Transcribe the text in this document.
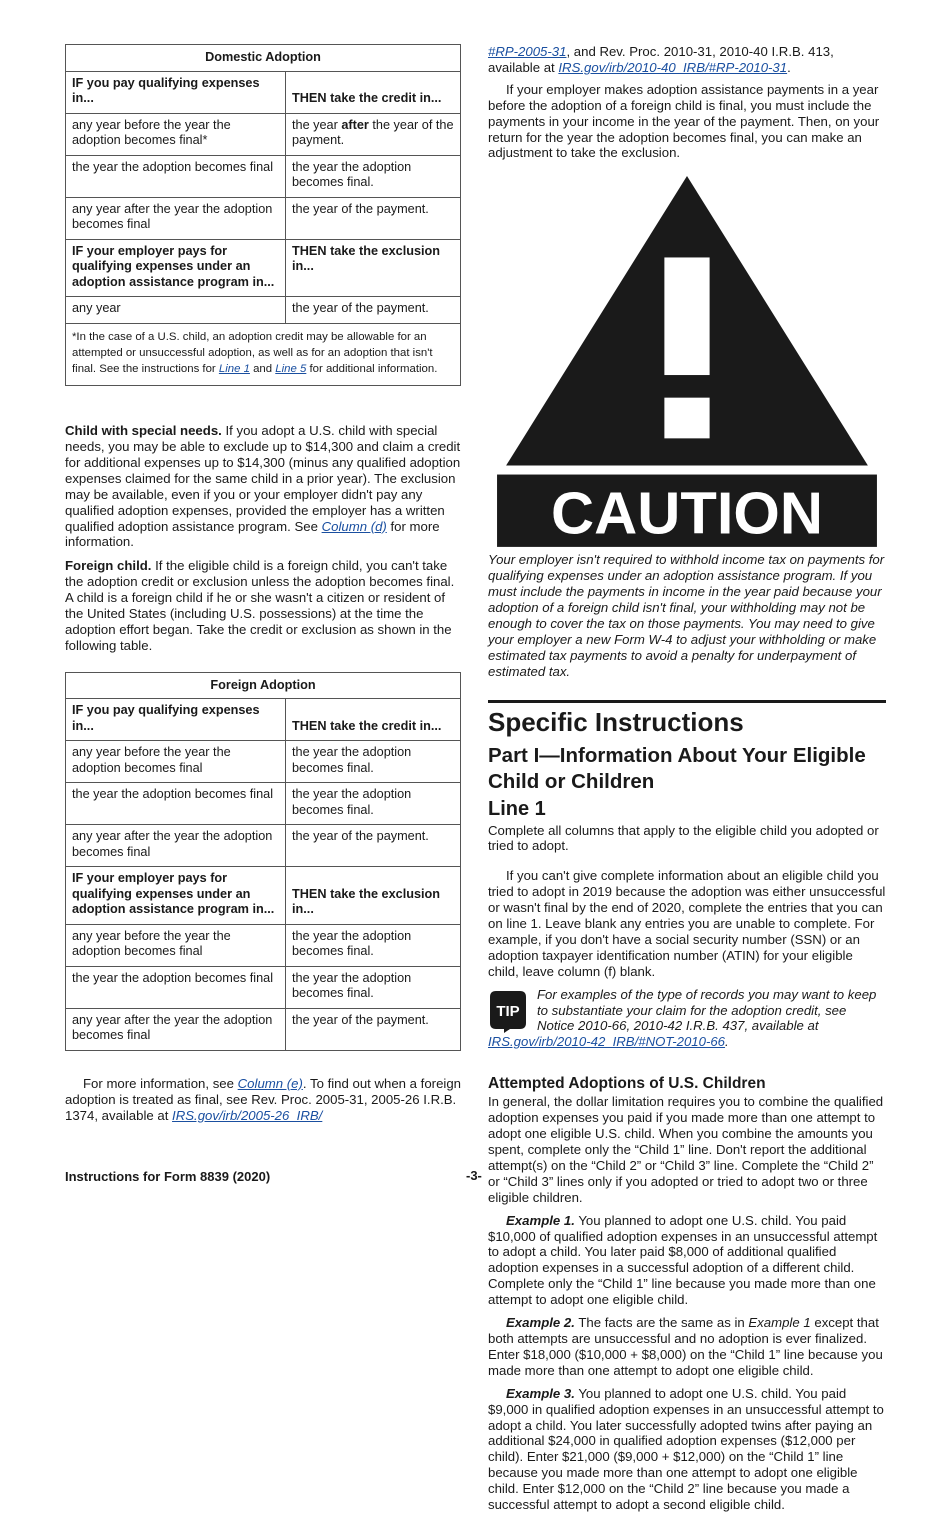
Domestic Adoption	
IF you pay qualifying expenses in...	THEN take the credit in...
any year before the year the adoption becomes final*	the year after the year of the payment.
the year the adoption becomes final	the year the adoption becomes final.
any year after the year the adoption becomes final	the year of the payment.
IF your employer pays for qualifying expenses under an adoption assistance program in...	THEN take the exclusion in...
any year	the year of the payment.
*In the case of a U.S. child, an adoption credit may be allowable for an attempted or unsuccessful adoption, as well as for an adoption that isn't final. See the instructions for Line 1 and Line 5 for additional information.	

Child with special needs. If you adopt a U.S. child with special needs, you may be able to exclude up to $14,300 and claim a credit for additional expenses up to $14,300 (minus any qualified adoption expenses claimed for the same child in a prior year). The exclusion may be available, even if you or your employer didn't pay any qualified adoption expenses, provided the employer has a written qualified adoption assistance program. See Column (d) for more information.

Foreign child. If the eligible child is a foreign child, you can't take the adoption credit or exclusion unless the adoption becomes final. A child is a foreign child if he or she wasn't a citizen or resident of the United States (including U.S. possessions) at the time the adoption effort began. Take the credit or exclusion as shown in the following table.

Foreign Adoption	
IF you pay qualifying expenses in...	THEN take the credit in...
any year before the year the adoption becomes final	the year the adoption becomes final.
the year the adoption becomes final	the year the adoption becomes final.
any year after the year the adoption becomes final	the year of the payment.
IF your employer pays for qualifying expenses under an adoption assistance program in...	THEN take the exclusion in...
any year before the year the adoption becomes final	the year the adoption becomes final.
the year the adoption becomes final	the year the adoption becomes final.
any year after the year the adoption becomes final	the year of the payment.

For more information, see Column (e). To find out when a foreign adoption is treated as final, see Rev. Proc. 2005-31, 2005-26 I.R.B. 1374, available at IRS.gov/irb/2005-26_IRB/

#RP-2005-31, and Rev. Proc. 2010-31, 2010-40 I.R.B. 413, available at IRS.gov/irb/2010-40_IRB/#RP-2010-31.

If your employer makes adoption assistance payments in a year before the adoption of a foreign child is final, you must include the payments in your income in the year of the payment. Then, on your return for the year the adoption becomes final, you can make an adjustment to take the exclusion.

CAUTION

Your employer isn't required to withhold income tax on payments for qualifying expenses under an adoption assistance program. If you must include the payments in income in the year paid because your adoption of a foreign child isn't final, your withholding may not be enough to cover the tax on those payments. You may need to give your employer a new Form W-4 to adjust your withholding or make estimated tax payments to avoid a penalty for underpayment of estimated tax.

Specific Instructions
Part I—Information About Your Eligible Child or Children
Line 1

Complete all columns that apply to the eligible child you adopted or tried to adopt.

If you can't give complete information about an eligible child you tried to adopt in 2019 because the adoption was either unsuccessful or wasn't final by the end of 2020, complete the entries that you can on line 1. Leave blank any entries you are unable to complete. For example, if you don't have a social security number (SSN) or an adoption taxpayer identification number (ATIN) for your eligible child, leave column (f) blank.

TIP

For examples of the type of records you may want to keep to substantiate your claim for the adoption credit, see Notice 2010-66, 2010-42 I.R.B. 437, available at IRS.gov/irb/2010-42_IRB/#NOT-2010-66.

Attempted Adoptions of U.S. Children

In general, the dollar limitation requires you to combine the qualified adoption expenses you paid if you made more than one attempt to adopt one eligible U.S. child. When you combine the amounts you spent, complete only the “Child 1” line. Don't report the additional attempt(s) on the “Child 2” or “Child 3” line. Complete the “Child 2” or “Child 3” lines only if you adopted or tried to adopt two or three eligible children.

Example 1. You planned to adopt one U.S. child. You paid $10,000 of qualified adoption expenses in an unsuccessful attempt to adopt a child. You later paid $8,000 of additional qualified adoption expenses in a successful adoption of a different child. Complete only the “Child 1” line because you made more than one attempt to adopt one eligible child.

Example 2. The facts are the same as in Example 1 except that both attempts are unsuccessful and no adoption is ever finalized. Enter $18,000 ($10,000 + $8,000) on the “Child 1” line because you made more than one attempt to adopt one eligible child.

Example 3. You planned to adopt one U.S. child. You paid $9,000 in qualified adoption expenses in an unsuccessful attempt to adopt a child. You later successfully adopted twins after paying an additional $24,000 in qualified adoption expenses ($12,000 per child). Enter $21,000 ($9,000 + $12,000) on the “Child 1” line because you made more than one attempt to adopt one eligible child. Enter $12,000 on the “Child 2” line because you made a successful attempt to adopt a second eligible child.

Instructions for Form 8839 (2020)	-3-
